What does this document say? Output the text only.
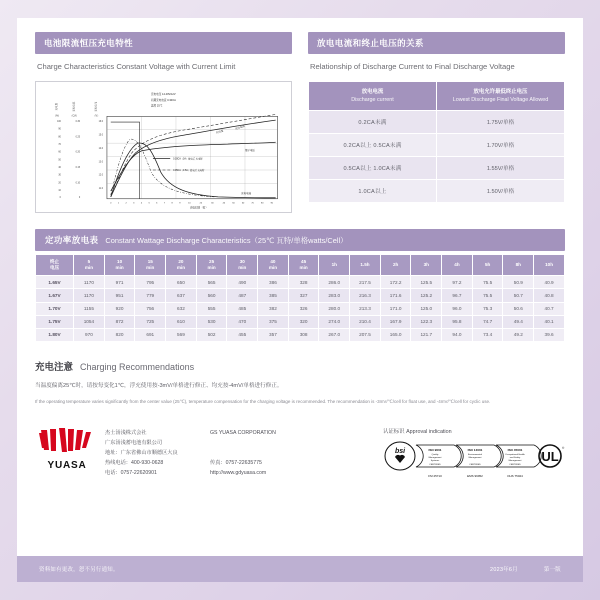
电池限流恒压充电特性
Charge Characteristics Constant Voltage with Current Limit
充电量	充电电流	充电电压
（%）	（CA）	（V）
100
90
80
70
60
50
40
30
20
10
0
0.30
0.25
0.20
0.15
0.10
0
16.0
15.0
14.0
13.0
12.0
11.0
充电电压 14.40V/12V
初期充电电流 0.30CA
温度 25℃
充电量
充电电流
端子电压
充电电流
0.30CA（3A）放电后 充电时
0.05CA（0.5A）放电后 充电时
0	1	2	3	4	5	6	7	8	9	10	20	30	40	50	60	70	80	90
充电时间（时）
放电电流和终止电压的关系
Relationship of Discharge Current to Final Discharge Voltage
放电电流
Discharge current	放电允许最低终止电压
Lowest Discharge Final Voltage Allowed

0.2CA未满	1.75V/单格
0.2CA以上 0.5CA未满	1.70V/单格
0.5CA以上 1.0CA未满	1.55V/单格
1.0CA以上	1.50V/单格
定功率放电表 Constant Wattage Discharge Characteristics（25℃ 瓦特/单格watts/Cell）
终止
电压	5
min	10
min	15
min	20
min	25
min	30
min	40
min	45
min	1h	1.5h	2h	3h	4h	5h	8h	10h
1.65V	1170	971	795	650	565	490	386	328	286.0	217.5	172.2	125.5	97.2	75.5	50.9	40.9
1.67V	1170	951	779	637	560	487	385	327	283.0	216.3	171.6	125.2	96.7	75.5	50.7	40.8
1.70V	1155	920	756	632	555	485	382	326	280.0	213.3	171.0	125.0	96.0	75.3	50.6	40.7
1.75V	1054	872	725	610	530	470	375	320	274.0	210.4	167.9	122.3	95.8	74.7	49.4	40.1
1.80V	970	820	691	569	502	455	357	308	267.0	207.5	165.0	121.7	94.0	73.4	49.2	39.6
充电注意 Charging Recommendations
当温度偏离25℃时，请按每变化1℃，浮充使用按-3mV/单格进行修正、均充按-4mV/单格进行修正。
If the operating temperature varies significantly from the center value (25℃), temperature compensation for the charging voltage is recommended. The recommendation is -3mV/℃/cell for float use, and -4mV/℃/cell for cyclic use.
YUASA
杰士汤浅株式会社	GS YUASA CORPORATION
广东汤浅蓄电池有限公司
地址：广东省佛山市顺德区大良
热线电话：400-930-0628	传真：0757-22635775
电话：0757-22620901	http://www.gdyuasa.com
认证标识 Approval indication
bsi	ISO 9001
Quality
Management
Systems
CERTIFIED
ISO 14001
Environmental
Management
CERTIFIED
ISO 45001
Occupational Health
and Safety
Management
CERTIFIED
FM 45710	EMS 99952	OHS 75024
UL
®
资料如有更改，恕不另行通知。	2023年6月	第一版
